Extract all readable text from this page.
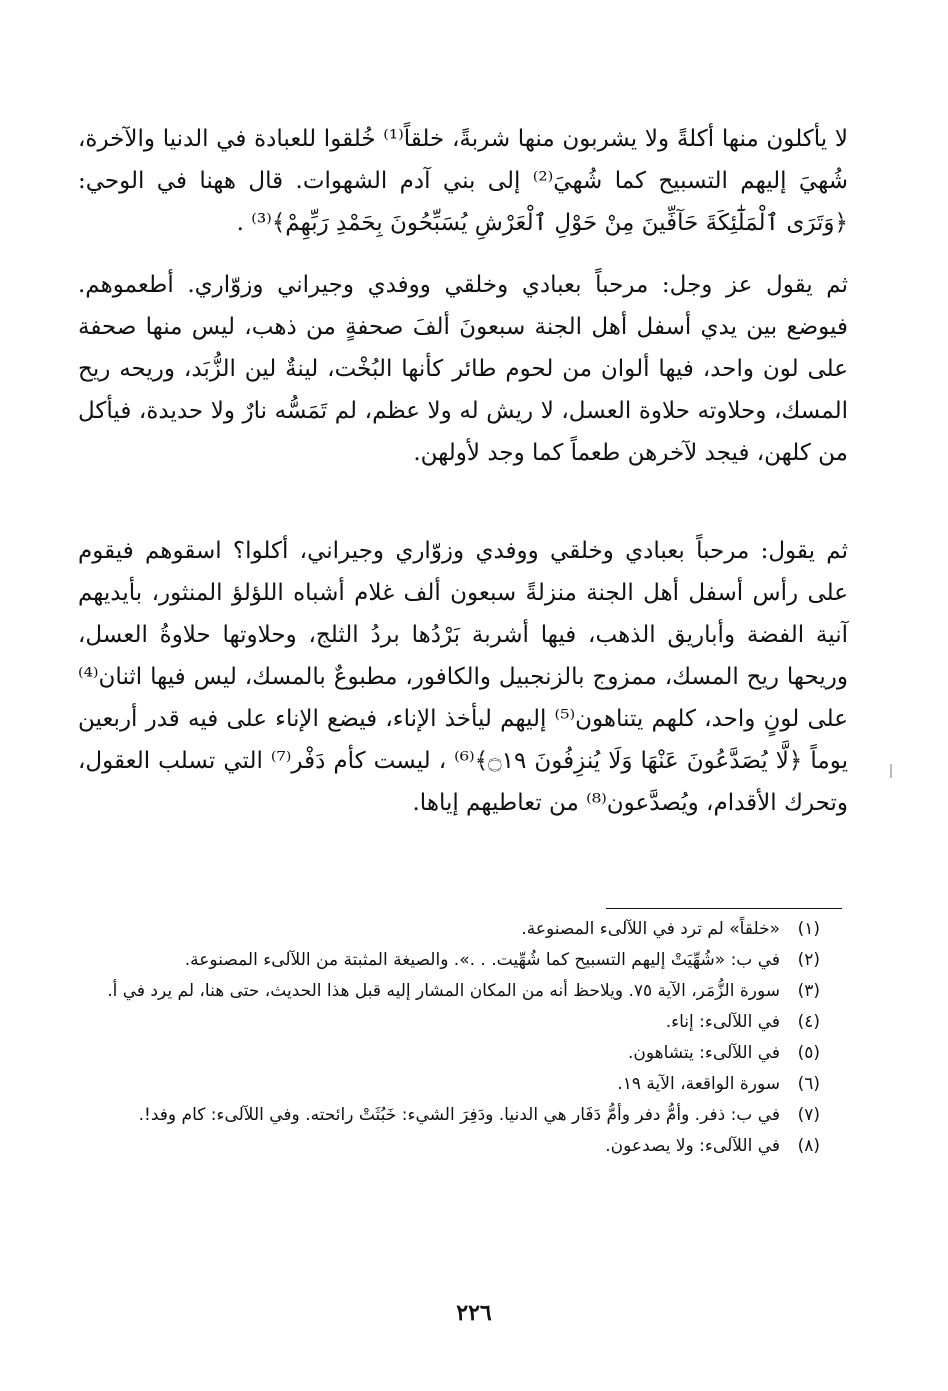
لا يأكلون منها أكلةً ولا يشربون منها شربةً، خلقاً⁽¹⁾ خُلقوا للعبادة في الدنيا والآخرة، شُهيَ إليهم التسبيح كما شُهيَ⁽²⁾ إلى بني آدم الشهوات. قال ههنا في الوحي: ﴿وَتَرَى ٱلْمَلَٰٓئِكَةَ حَآفِّينَ مِنْ حَوْلِ ٱلْعَرْشِ يُسَبِّحُونَ بِحَمْدِ رَبِّهِمْ﴾⁽³⁾ .

ثم يقول عز وجل: مرحباً بعبادي وخلقي ووفدي وجيراني وزوّاري. أطعموهم. فيوضع بين يدي أسفل أهل الجنة سبعونَ ألفَ صحفةٍ من ذهب، ليس منها صحفة على لون واحد، فيها ألوان من لحوم طائر كأنها البُخْت، لينةٌ لين الزُّبَد، وريحه ريح المسك، وحلاوته حلاوة العسل، لا ريش له ولا عظم، لم تَمَسُّه نارٌ ولا حديدة، فيأكل من كلهن، فيجد لآخرهن طعماً كما وجد لأولهن.

ثم يقول: مرحباً بعبادي وخلقي ووفدي وزوّاري وجيراني، أكلوا؟ اسقوهم فيقوم على رأس أسفل أهل الجنة منزلةً سبعون ألف غلام أشباه اللؤلؤ المنثور، بأيديهم آنية الفضة وأباريق الذهب، فيها أشربة بَرْدُها بردُ الثلج، وحلاوتها حلاوةُ العسل، وريحها ريح المسك، ممزوج بالزنجبيل والكافور، مطبوعٌ بالمسك، ليس فيها اثنان⁽⁴⁾ على لونٍ واحد، كلهم يتناهون⁽⁵⁾ إليهم ليأخذ الإناء، فيضع الإناء على فيه قدر أربعين يوماً ﴿لَّا يُصَدَّعُونَ عَنْهَا وَلَا يُنزِفُونَ ۝١٩﴾⁽⁶⁾ ، ليست كأم دَفْر⁽⁷⁾ التي تسلب العقول، وتحرك الأقدام، ويُصدَّعون⁽⁸⁾ من تعاطيهم إياها.

(١)
«خلقاً» لم ترد في اللآلىء المصنوعة.
(٢)
في ب: «شُهِّيَتْ إليهم التسبيح كما شُهِّيت. . .». والصيغة المثبتة من اللآلىء المصنوعة.
(٣)
سورة الزُّمَر، الآية ٧٥. ويلاحظ أنه من المكان المشار إليه قبل هذا الحديث، حتى هنا، لم يرد في أ.
(٤)
في اللآلىء: إناء.
(٥)
في اللآلىء: يتشاهون.
(٦)
سورة الواقعة، الآية ١٩.
(٧)
في ب: ذفر. وأمُّ دفر وأمُّ دَفَار هي الدنيا. ودَفِرَ الشيء: خَبُثَتْ رائحته. وفي اللآلىء: كام وفد!.
(٨)
في اللآلىء: ولا يصدعون.
٢٢٦
